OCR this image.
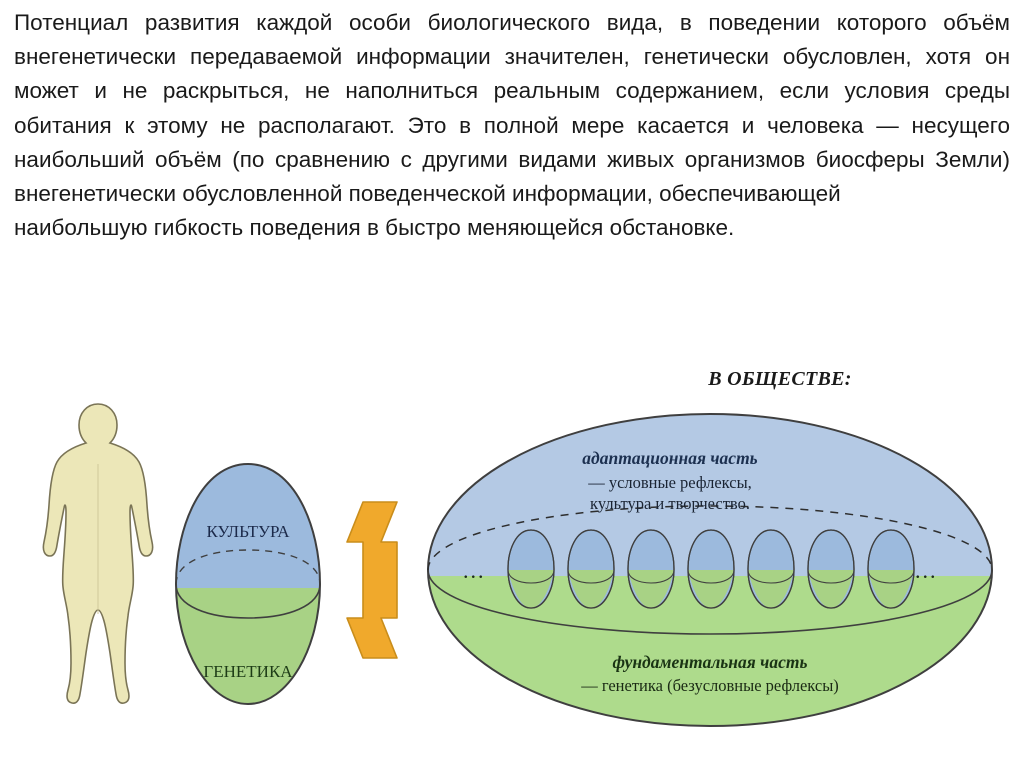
Потенциал развития каждой особи биологического вида, в поведении которого объём внегенетически передаваемой информации значителен, генетически обусловлен, хотя он может и не раскрыться, не наполниться реальным содержанием, если условия среды обитания к этому не располагают. Это в полной мере касается и человека — несущего наибольший объём (по сравнению с другими видами живых организмов биосферы Земли) внегенетически обусловленной поведенческой информации, обеспечивающей
наибольшую гибкость поведения в быстро меняющейся обстановке.
В ОБЩЕСТВЕ:
КУЛЬТУРА
ГЕНЕТИКА
адаптационная часть
— условные рефлексы,
культура и творчество.
фундаментальная часть
— генетика (безусловные рефлексы)
...	...
